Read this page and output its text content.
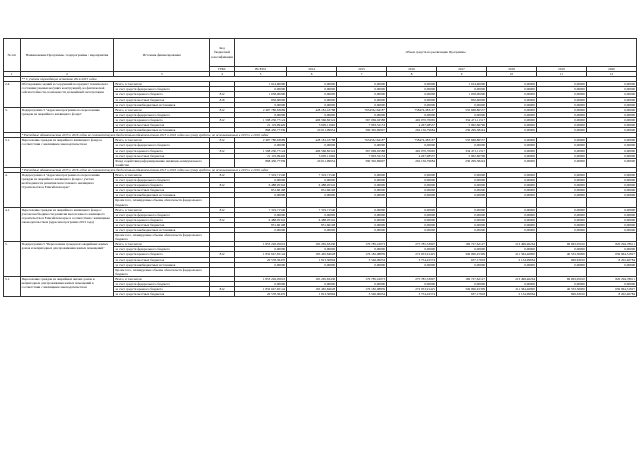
№ п/п	Наименование Программы / подпрограммы / мероприятия	Источник финансирования	Код бюджетной классификации	Объем средств на реализацию Программы							
			ГРБС	ВСЕГО	2014	2015	2016	2017	2018	2019	2020
1	2	3	4	5	6	7	8	9	10	11	12
	** С учетом переходящих остатков 2014-2015 годов										
2.4.	Обследование зданий и сооружений на предмет технического состояния (оценки несущих конструкций), на фактической сейсмостойкости, возможности дальнейшей эксплуатации	Всего, в том числе:		1 914,60000	0,00000	0,00000	0,00000	1 914,60000	0,00000	0,00000	0,00000
		за счет средств федерального бюджета		0,00000	0,00000	0,00000	0,00000	0,00000	0,00000	0,00000	0,00000
		за счет средств краевого бюджета	812	1 058,00000	0,00000	0,00000	0,00000	1 058,00000	0,00000	0,00000	0,00000
		за счет средств местных бюджетов	816	856,60000	0,00000	0,00000	0,00000	856,60000	0,00000	0,00000	0,00000
		за счет средств внебюджетных источников		0,00000	0,00000	0,00000	0,00000	0,00000	0,00000	0,00000	0,00000
3.	Подпрограмма 3 "Адресная программа по переселению граждан из аварийного жилищного фонда"	Всего, в том числе:	812	2 487 780,63689	428 181,16788	765456,16418*	758474,48316*	535 668,86537	0,00000	0,00000	0,00000
		за счет средств федерального бюджета		0,00000	0,00000	0,00000	0,00000	0,00000	0,00000	0,00000	0,00000
		за счет средств краевого бюджета	812	1 598 230,77124	406 566,82324	367 069,92588	492 070,70065	334 471,11317	0,00000	0,00000	0,00000
		за счет средств местных бюджетов		21 119,09426	3 605,11940	7 993,52153	4 267,98537	5 992,66796	0,00000	0,00000	0,00000
		за счет средств внебюджетных источников		868 430,77339	20 611,99934	390 392,69907	262 136,79684	239 299,38244	0,00000	0,00000	0,00000
	* Расходные обязательства 2015 и 2016 годов не соответствуют бюджетным обязательствам 2015 и 2016 годов на сумму средств, не использованных в 2015 и в 2016 годах										
3.1.	Переселение граждан из аварийного жилищного фонда в соответствии с жилищным законодательством	Всего, в том числе:	812	2 487 780,63689	428 181,16788	765456,16418*	758474,48316*	535 668,86537	0,00000	0,00000	0,00000
		за счет средств федерального бюджета		0,00000	0,00000	0,00000	0,00000	0,00000	0,00000	0,00000	0,00000
		за счет средств краевого бюджета	812	1 598 230,77124	406 566,82324	367 069,92588	492 070,70065	334 471,11317	0,00000	0,00000	0,00000
		за счет средств местных бюджетов		21 119,09426	3 605,11940	7 993,52153	4 267,98537	5 992,66796	0,00000	0,00000	0,00000
		Фонд содействия реформированию жилищно-коммунального хозяйства		868 430,77339	20 611,99934	390 392,69907	262 136,79684	239 299,38244	0,00000	0,00000	0,00000
	* Расходные обязательства 2015 и 2016 годов не соответствуют бюджетным обязательствам 2015 и 2016 годов на сумму средств, не использованных в 2015 и в 2016 годах										
4.	Подпрограмма 4 "Адресная программа по переселению граждан из аварийного жилищного фонда с учетом необходимости развития малоэтажного жилищного строительства в Енисейском крае"	Всего, в том числе:	812	7 319,71540	7 319,71540	0,00000	0,00000	0,00000	0,00000	0,00000	0,00000
		за счет средств федерального бюджета		0,00000	0,00000	0,00000	0,00000	0,00000	0,00000	0,00000	0,00000
		за счет средств краевого бюджета	812	6 488,05342	6 488,05342	0,00000	0,00000	0,00000	0,00000	0,00000	0,00000
		за счет средств местных бюджетов		831,66198	831,66198	0,00000	0,00000	0,00000	0,00000	0,00000	0,00000
		за счет средств внебюджетных источников		0,00000	0,00000	0,00000	0,00000	0,00000	0,00000	0,00000	0,00000
		Кроме того, планируемые объемы обязательств федерального бюджета									
4.1.	Переселение граждан из аварийного жилищного фонда с учетом необходимости развития малоэтажного жилищного строительства в Енисейском крае в соответствии с жилищным законодательством (адресная программа 2013 года)	Всего, в том числе:	812	7 319,71540	7 319,71540	0,00000	0,00000	0,00000	0,00000	0,00000	0,00000
		за счет средств федерального бюджета		0,00000	0,00000	0,00000	0,00000	0,00000	0,00000	0,00000	0,00000
		за счет средств краевого бюджета	812	6 488,05342	6 488,05342	0,00000	0,00000	0,00000	0,00000	0,00000	0,00000
		за счет средств местных бюджетов		831,66198	831,66198	0,00000	0,00000	0,00000	0,00000	0,00000	0,00000
		за счет средств внебюджетных источников		0,00000	0,00000	0,00000	0,00000	0,00000	0,00000	0,00000	0,00000
		Кроме того, планируемые объемы обязательств федерального бюджета									
5.	Подпрограмма 5 "Переселение граждан из аварийных жилых домов и непригодных для проживания жилых помещений"	Всего, в том числе:		1 853 226,05616	165 265,63430	179 785,16073	275 785,33997	169 727,62127	213 499,46264	69 963,05010	820 294,78611
		за счет средств федерального бюджета		0,00000	0,00000	0,00000	0,00000	0,00000	0,00000	0,00000	0,00000
		за счет средств краевого бюджета	812	1 832 647,65144	165 465,84628	176 182,08839	272 053,91425	349 090,45309	211 364,46900	40 333,30000	659 964,31827
		за счет средств местных бюджетов		20 578,36470	1 813,50804	3 546,00034	3 754,42574	637,17818	2 134,99964	699,63010	8 202,46784
		за счет средств внебюджетных источников		0,00000	0,00000	0,00000	0,00000	0,00000	0,00000	0,00000	0,00000
		Кроме того, планируемые объемы обязательств федерального бюджета									
5.1.	Переселение граждан из аварийных жилых домов и непригодных для проживания жилых помещений в соответствии с жилищным законодательством	Всего, в том числе:		1 853 226,05616	165 265,63430	179 785,16073	275 785,33997	169 727,62127	213 499,46264	69 963,05010	820 294,78611
		за счет средств федерального бюджета		0,00000	0,00000	0,00000	0,00000	0,00000	0,00000	0,00000	0,00000
		за счет средств краевого бюджета	812	1 832 647,65144	165 465,84628	176 182,08839	272 053,91425	349 090,45309	211 364,46900	40 333,30000	659 964,31827
		за счет средств местных бюджетов		20 578,36470	1 813,50804	3 546,00034	3 754,42574	637,17818	2 134,99964	699,63010	8 202,46784
